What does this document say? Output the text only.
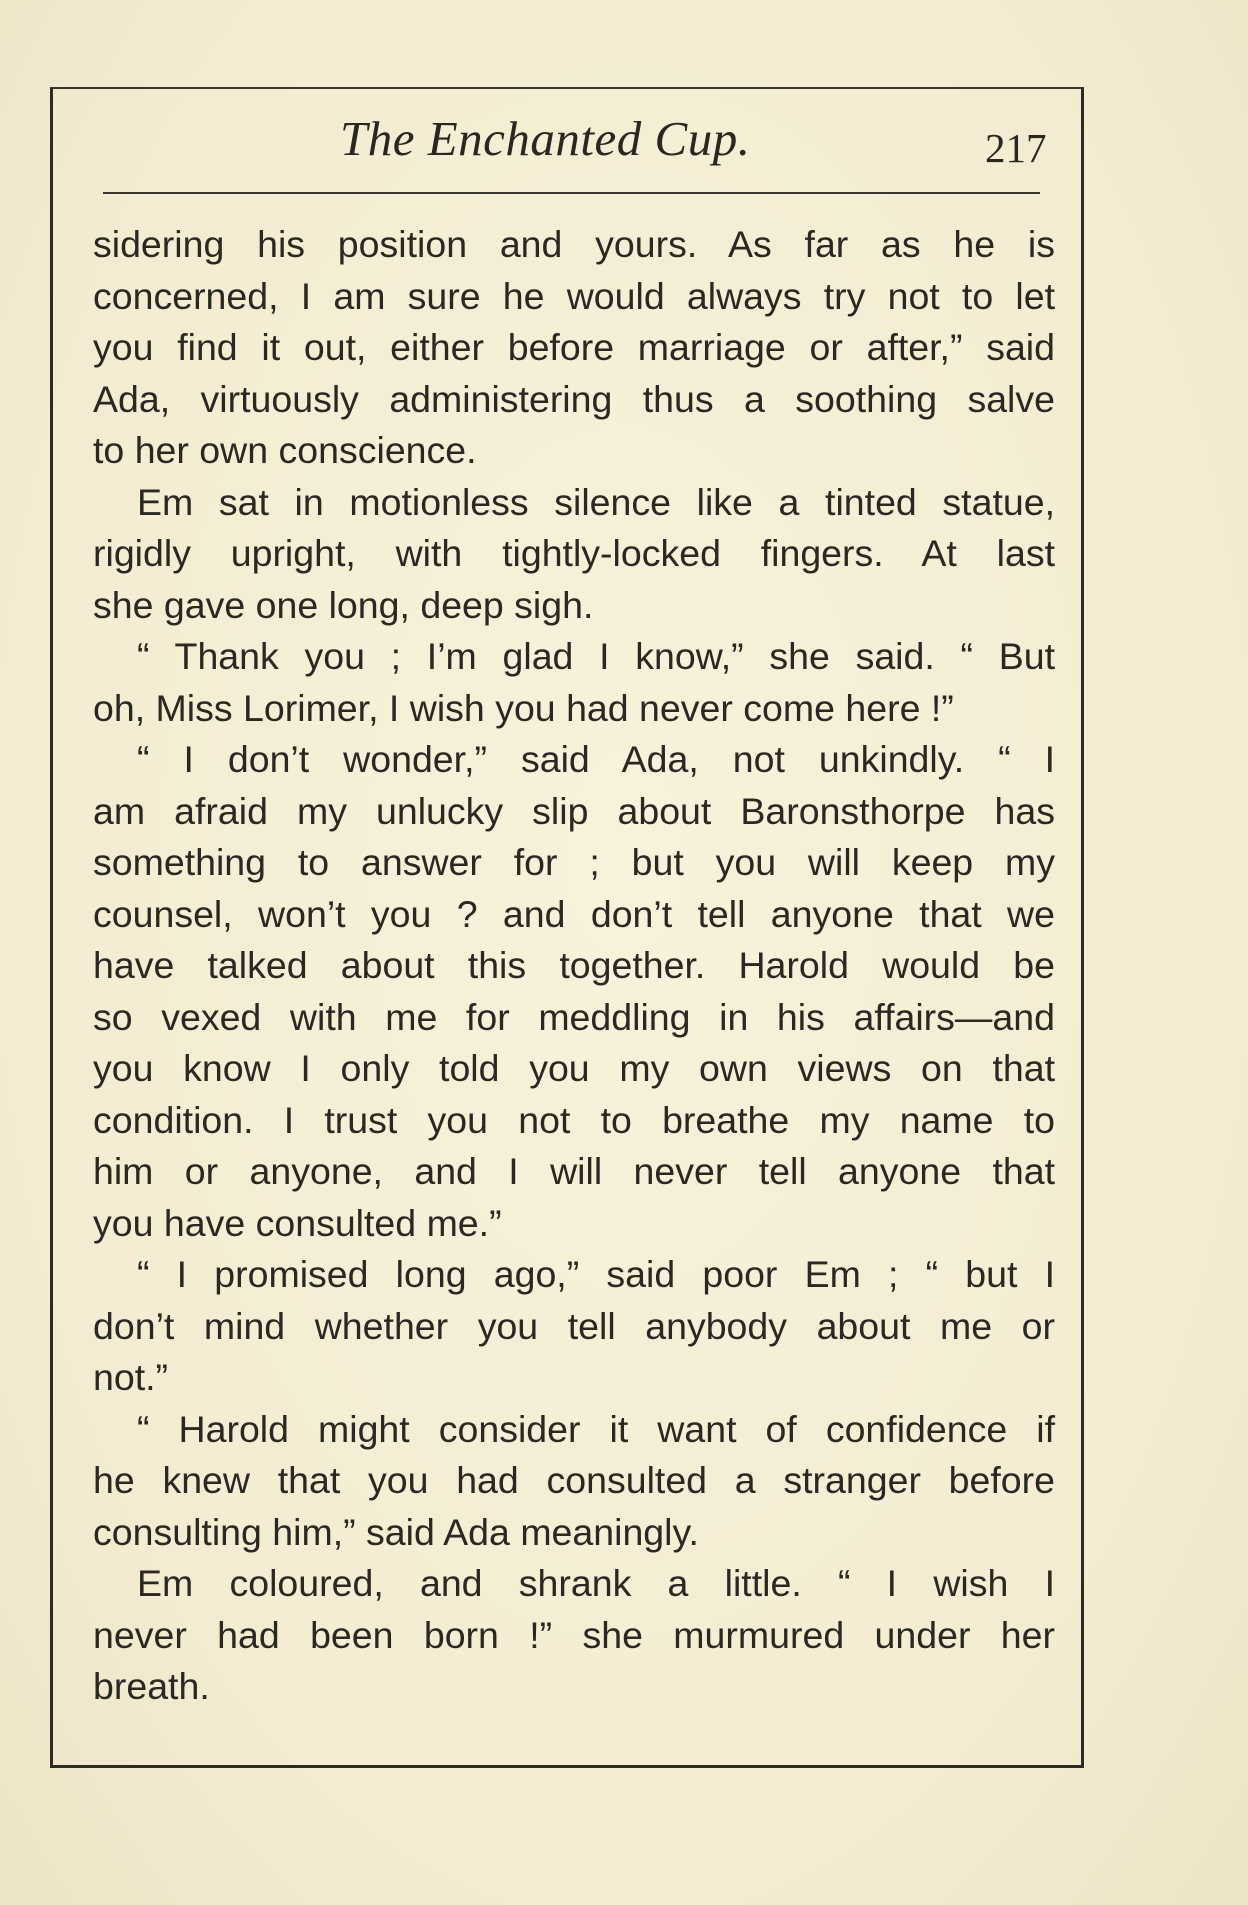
The Enchanted Cup.	217
sidering his position and yours. As far as he is
concerned, I am sure he would always try not to let
you find it out, either before marriage or after,” said
Ada, virtuously administering thus a soothing salve
to her own conscience.
Em sat in motionless silence like a tinted statue,
rigidly upright, with tightly-locked fingers. At last
she gave one long, deep sigh.
“ Thank you ; I’m glad I know,” she said. “ But
oh, Miss Lorimer, I wish you had never come here !”
“ I don’t wonder,” said Ada, not unkindly. “ I
am afraid my unlucky slip about Baronsthorpe has
something to answer for ; but you will keep my
counsel, won’t you ? and don’t tell anyone that we
have talked about this together. Harold would be
so vexed with me for meddling in his affairs—and
you know I only told you my own views on that
condition. I trust you not to breathe my name to
him or anyone, and I will never tell anyone that
you have consulted me.”
“ I promised long ago,” said poor Em ; “ but I
don’t mind whether you tell anybody about me or
not.”
“ Harold might consider it want of confidence if
he knew that you had consulted a stranger before
consulting him,” said Ada meaningly.
Em coloured, and shrank a little. “ I wish I
never had been born !” she murmured under her
breath.
